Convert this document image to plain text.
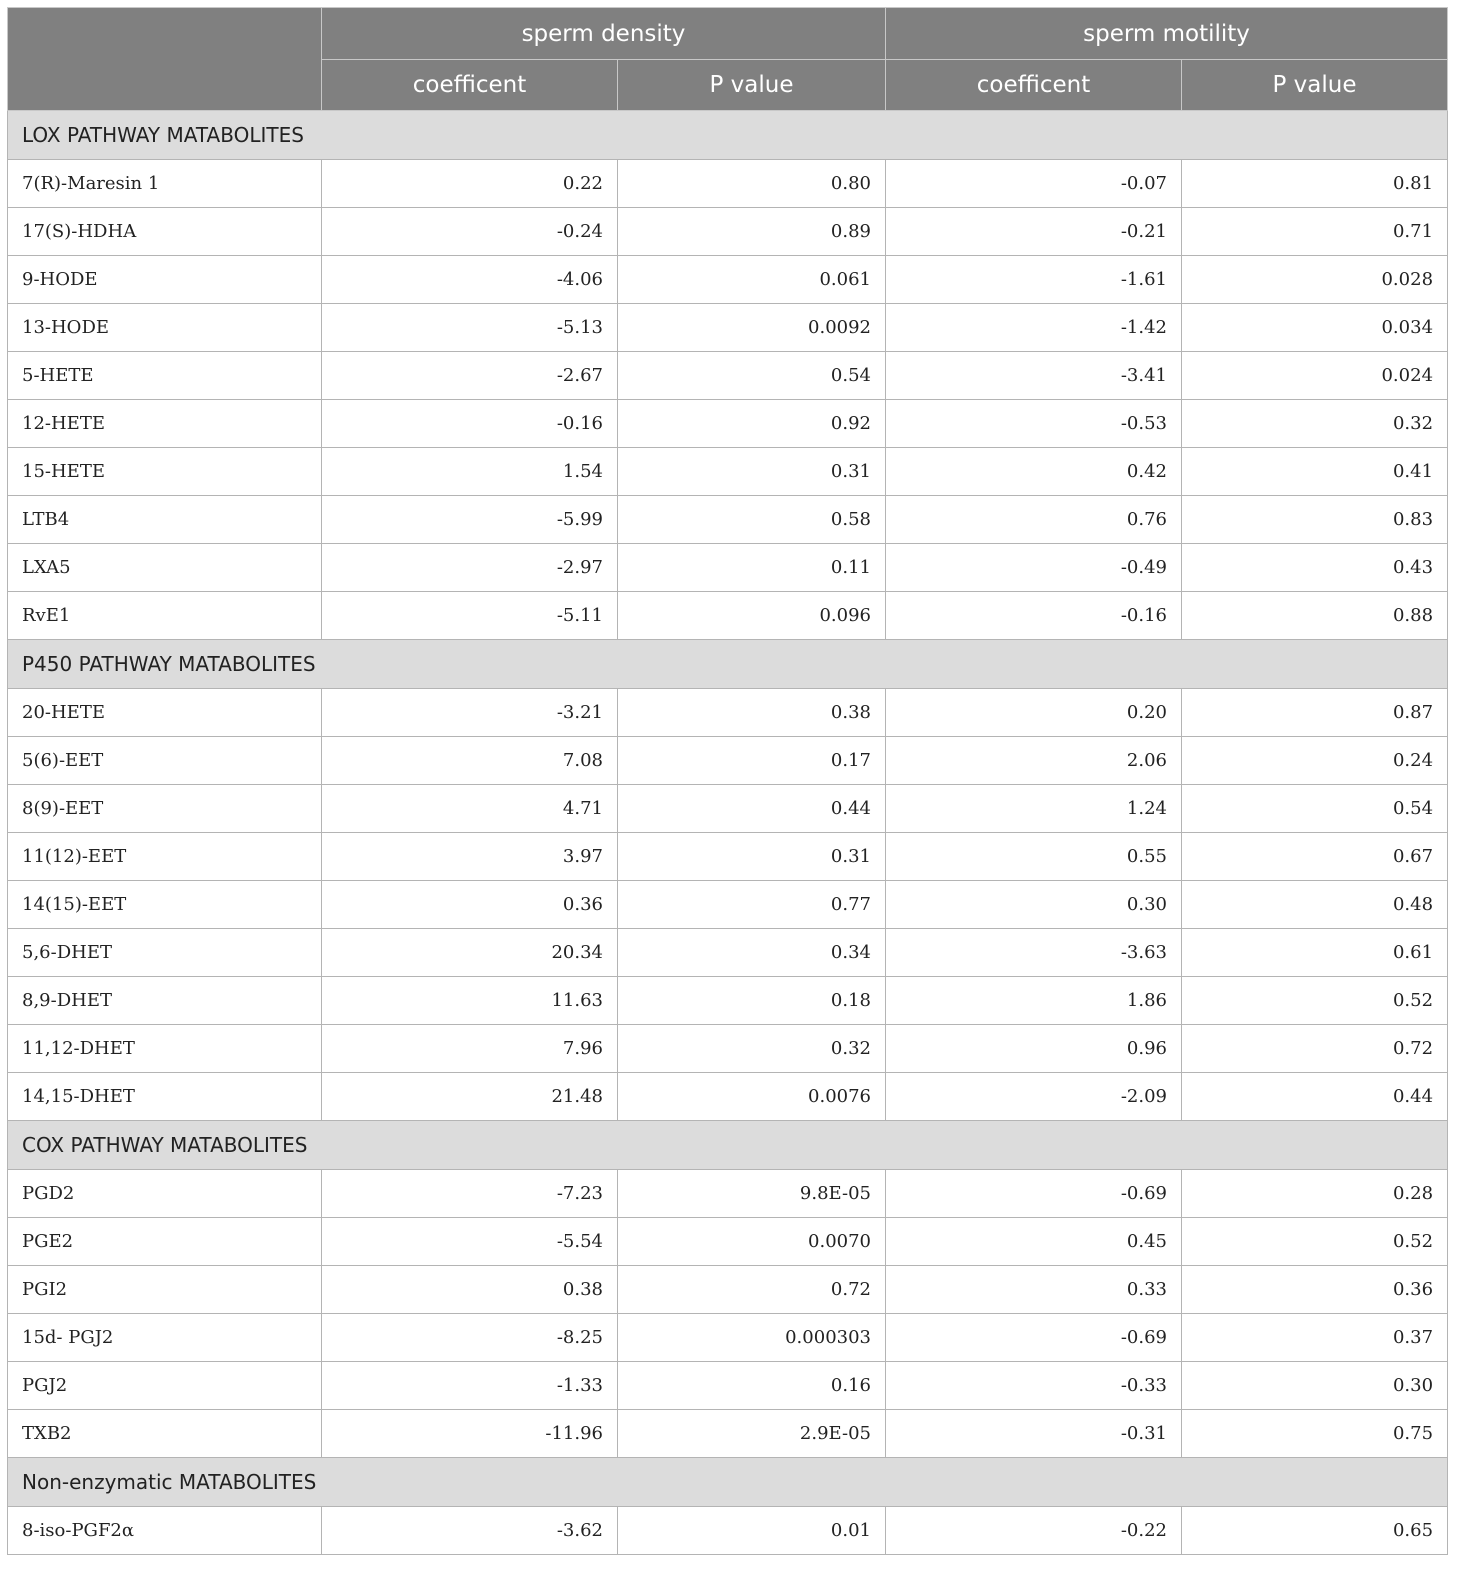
	sperm density		sperm motility	
	coefficent	P value	coefficent	P value
LOX PATHWAY MATABOLITES				
7(R)-Maresin 1	0.22	0.80	-0.07	0.81
17(S)-HDHA	-0.24	0.89	-0.21	0.71
9-HODE	-4.06	0.061	-1.61	0.028
13-HODE	-5.13	0.0092	-1.42	0.034
5-HETE	-2.67	0.54	-3.41	0.024
12-HETE	-0.16	0.92	-0.53	0.32
15-HETE	1.54	0.31	0.42	0.41
LTB4	-5.99	0.58	0.76	0.83
LXA5	-2.97	0.11	-0.49	0.43
RvE1	-5.11	0.096	-0.16	0.88
P450 PATHWAY MATABOLITES				
20-HETE	-3.21	0.38	0.20	0.87
5(6)-EET	7.08	0.17	2.06	0.24
8(9)-EET	4.71	0.44	1.24	0.54
11(12)-EET	3.97	0.31	0.55	0.67
14(15)-EET	0.36	0.77	0.30	0.48
5,6-DHET	20.34	0.34	-3.63	0.61
8,9-DHET	11.63	0.18	1.86	0.52
11,12-DHET	7.96	0.32	0.96	0.72
14,15-DHET	21.48	0.0076	-2.09	0.44
COX PATHWAY MATABOLITES				
PGD2	-7.23	9.8E-05	-0.69	0.28
PGE2	-5.54	0.0070	0.45	0.52
PGI2	0.38	0.72	0.33	0.36
15d- PGJ2	-8.25	0.000303	-0.69	0.37
PGJ2	-1.33	0.16	-0.33	0.30
TXB2	-11.96	2.9E-05	-0.31	0.75
Non-enzymatic MATABOLITES				
8-iso-PGF2α	-3.62	0.01	-0.22	0.65
